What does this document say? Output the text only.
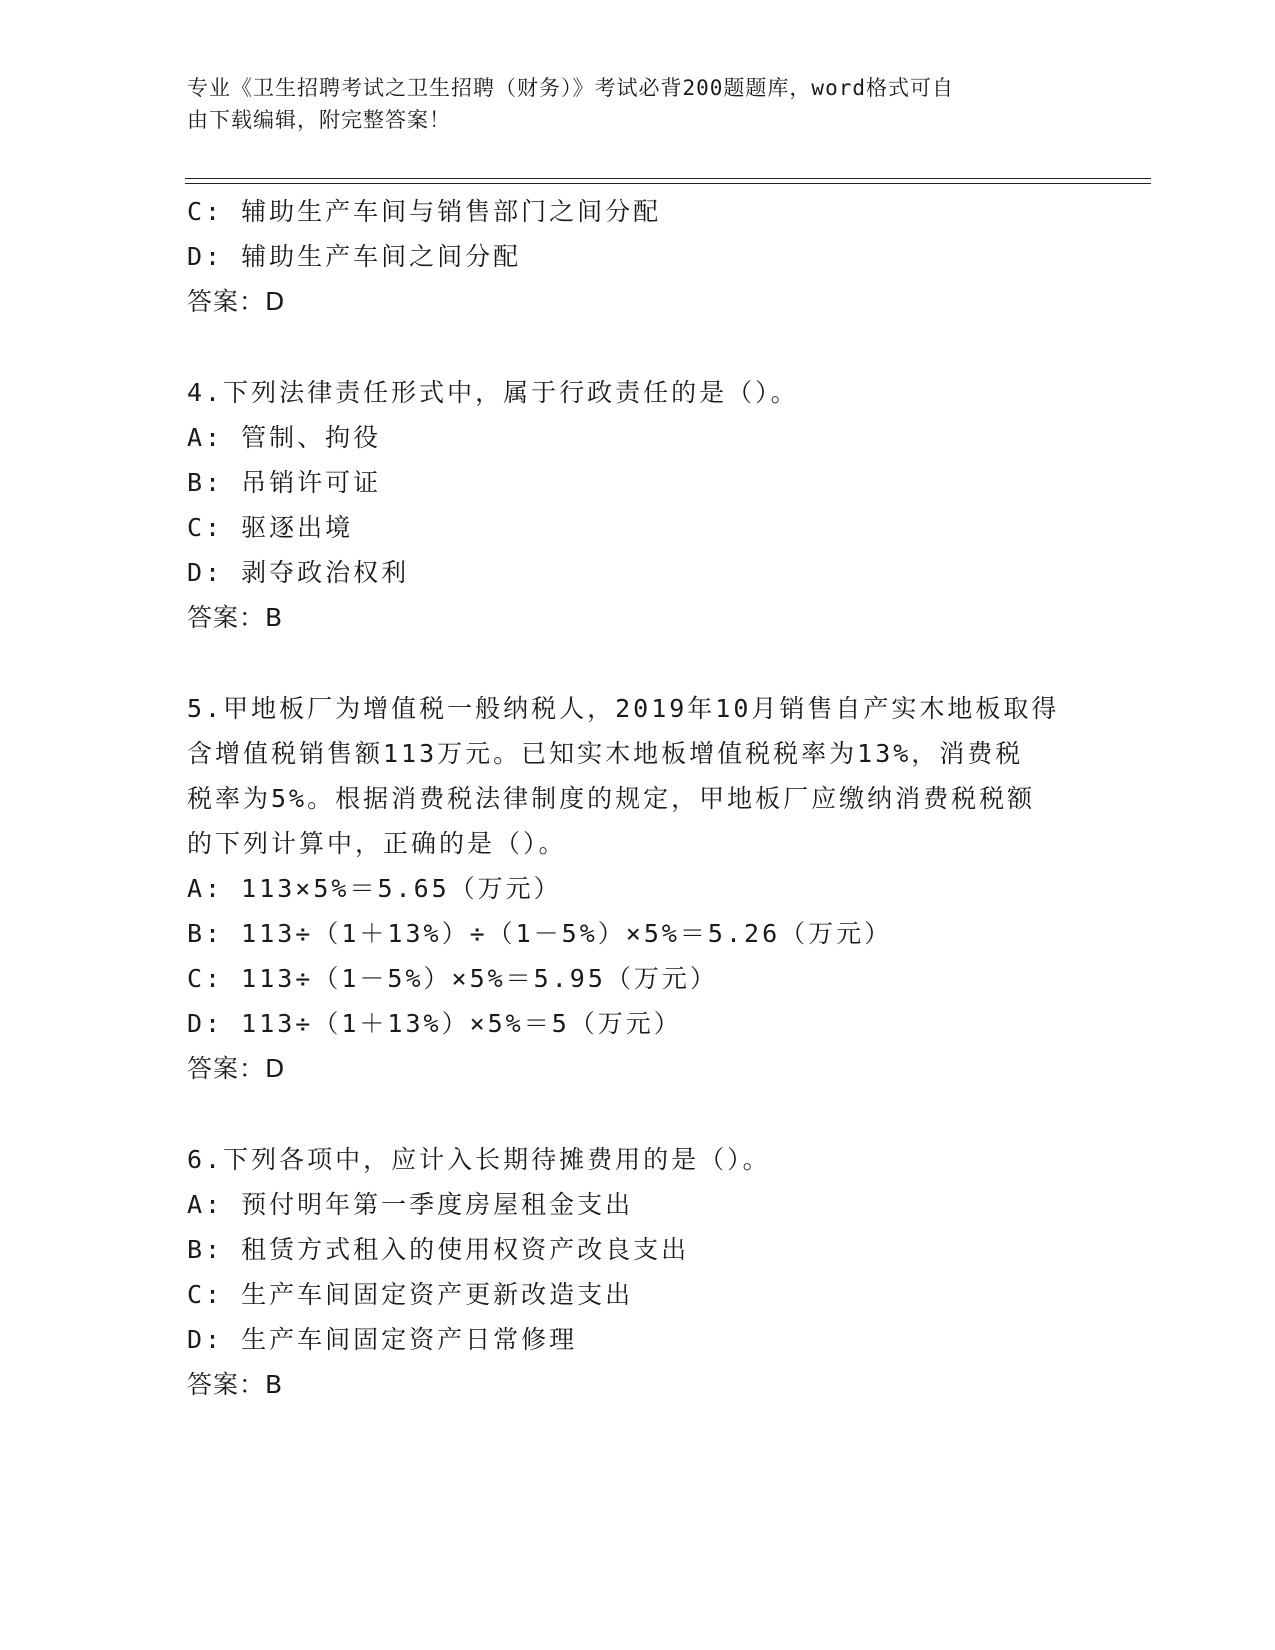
专业《卫生招聘考试之卫生招聘（财务）》考试必背200题题库，word格式可自
由下载编辑，附完整答案！
C: 辅助生产车间与销售部门之间分配
D: 辅助生产车间之间分配
答案：D
4.下列法律责任形式中，属于行政责任的是（）。
A: 管制、拘役
B: 吊销许可证
C: 驱逐出境
D: 剥夺政治权利
答案：B
5.甲地板厂为增值税一般纳税人，2019年10月销售自产实木地板取得
含增值税销售额113万元。已知实木地板增值税税率为13%，消费税
税率为5%。根据消费税法律制度的规定，甲地板厂应缴纳消费税税额
的下列计算中，正确的是（）。
A: 113×5%＝5.65（万元）
B: 113÷（1＋13%）÷（1－5%）×5%＝5.26（万元）
C: 113÷（1－5%）×5%＝5.95（万元）
D: 113÷（1＋13%）×5%＝5（万元）
答案：D
6.下列各项中，应计入长期待摊费用的是（）。
A: 预付明年第一季度房屋租金支出
B: 租赁方式租入的使用权资产改良支出
C: 生产车间固定资产更新改造支出
D: 生产车间固定资产日常修理
答案：B
